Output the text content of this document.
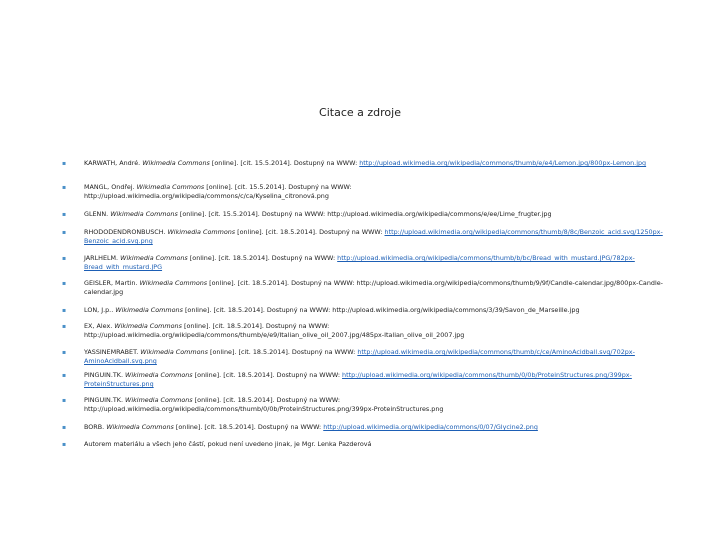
Citace a zdroje
▪	KARWATH, André. Wikimedia Commons [online]. [cit. 15.5.2014]. Dostupný na WWW: http://upload.wikimedia.org/wikipedia/commons/thumb/e/e4/Lemon.jpg/800px-Lemon.jpg
▪	MANGL, Ondřej. Wikimedia Commons [online]. [cit. 15.5.2014]. Dostupný na WWW:
http://upload.wikimedia.org/wikipedia/commons/c/ca/Kyselina_citronová.png
▪	GLENN. Wikimedia Commons [online]. [cit. 15.5.2014]. Dostupný na WWW: http://upload.wikimedia.org/wikipedia/commons/e/ee/Lime_frugter.jpg
▪	RHODODENDRONBUSCH. Wikimedia Commons [online]. [cit. 18.5.2014]. Dostupný na WWW: http://upload.wikimedia.org/wikipedia/commons/thumb/8/8c/Benzoic_acid.svg/1250px-Benzoic_acid.svg.png
▪	JARLHELM. Wikimedia Commons [online]. [cit. 18.5.2014]. Dostupný na WWW: http://upload.wikimedia.org/wikipedia/commons/thumb/b/bc/Bread_with_mustard.JPG/782px-Bread_with_mustard.JPG
▪	GEISLER, Martin. Wikimedia Commons [online]. [cit. 18.5.2014]. Dostupný na WWW: http://upload.wikimedia.org/wikipedia/commons/thumb/9/9f/Candle-calendar.jpg/800px-Candle-calendar.jpg
▪	LON, J.p.. Wikimedia Commons [online]. [cit. 18.5.2014]. Dostupný na WWW: http://upload.wikimedia.org/wikipedia/commons/3/39/Savon_de_Marseille.jpg
▪	EX, Alex. Wikimedia Commons [online]. [cit. 18.5.2014]. Dostupný na WWW:
http://upload.wikimedia.org/wikipedia/commons/thumb/e/e9/Italian_olive_oil_2007.jpg/485px-Italian_olive_oil_2007.jpg
▪	YASSINEMRABET. Wikimedia Commons [online]. [cit. 18.5.2014]. Dostupný na WWW: http://upload.wikimedia.org/wikipedia/commons/thumb/c/ce/AminoAcidball.svg/702px-AminoAcidball.svg.png
▪	PINGUIN.TK. Wikimedia Commons [online]. [cit. 18.5.2014]. Dostupný na WWW: http://upload.wikimedia.org/wikipedia/commons/thumb/0/0b/ProteinStructures.png/399px-ProteinStructures.png
▪	PINGUIN.TK. Wikimedia Commons [online]. [cit. 18.5.2014]. Dostupný na WWW:
http://upload.wikimedia.org/wikipedia/commons/thumb/0/0b/ProteinStructures.png/399px-ProteinStructures.png
▪	BORB. Wikimedia Commons [online]. [cit. 18.5.2014]. Dostupný na WWW: http://upload.wikimedia.org/wikipedia/commons/0/07/Glycine2.png
▪	Autorem materiálu a všech jeho částí, pokud není uvedeno jinak, je Mgr. Lenka Pazderová
